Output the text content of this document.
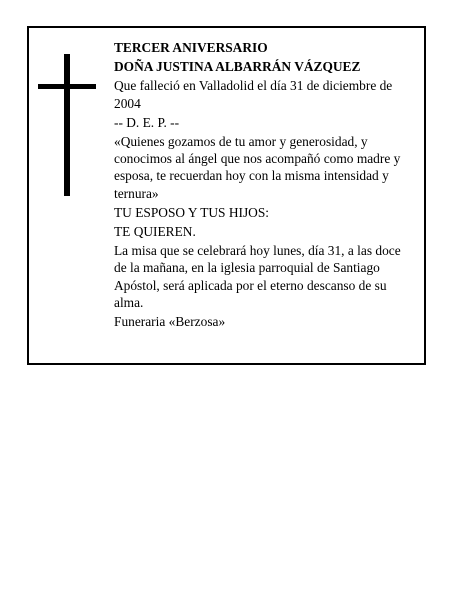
TERCER ANIVERSARIO

DOÑA JUSTINA ALBARRÁN VÁZQUEZ

Que falleció en Valladolid el día 31 de diciembre de 2004

-- D. E. P. --

«Quienes gozamos de tu amor y generosidad, y conocimos al ángel que nos acompañó como madre y esposa, te recuerdan hoy con la misma intensidad y ternura»

TU ESPOSO Y TUS HIJOS:

TE QUIEREN.

La misa que se celebrará hoy lunes, día 31, a las doce de la mañana, en la iglesia parroquial de Santiago Apóstol, será aplicada por el eterno descanso de su alma.

Funeraria «Berzosa»
